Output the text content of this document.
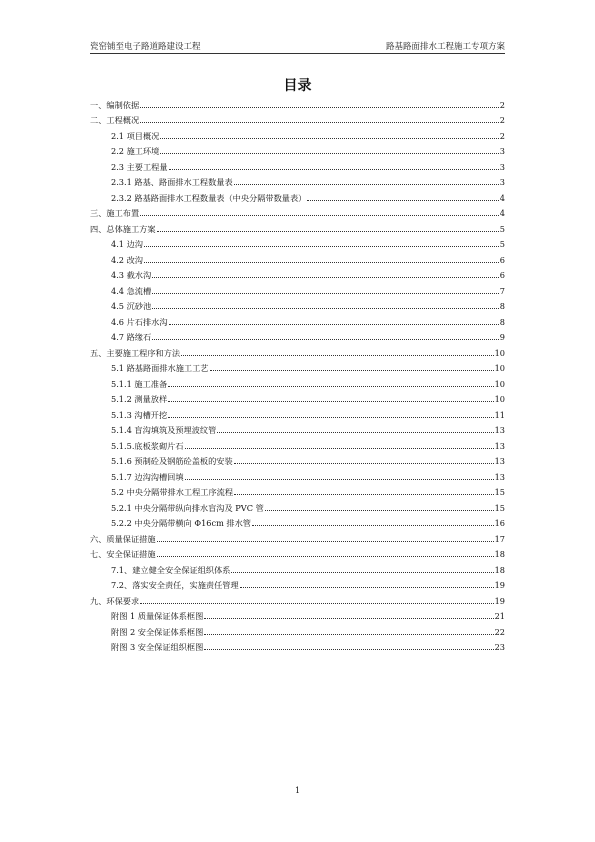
瓷窑铺至电子路道路建设工程	路基路面排水工程施工专项方案
目录
一、编制依据	2
二、工程概况	2
2.1 项目概况	2
2.2 施工环境	3
2.3 主要工程量	3
2.3.1 路基、路面排水工程数量表	3
2.3.2 路基路面排水工程数量表（中央分隔带数量表）	4
三、施工布置	4
四、总体施工方案	5
4.1 边沟	5
4.2 改沟	6
4.3 截水沟	6
4.4 急流槽	7
4.5 沉砂池	8
4.6 片石排水沟	8
4.7 路缘石	9
五、主要施工程序和方法	10
5.1 路基路面排水施工工艺	10
5.1.1 施工准备	10
5.1.2 测量放样	10
5.1.3 沟槽开挖	11
5.1.4 盲沟填筑及预埋波纹管	13
5.1.5.底板浆砌片石	13
5.1.6 预制砼及钢筋砼盖板的安装	13
5.1.7 边沟沟槽回填	13
5.2 中央分隔带排水工程工序流程	15
5.2.1 中央分隔带纵向排水盲沟及 PVC 管	15
5.2.2 中央分隔带横向 Φ16cm 排水管	16
六、质量保证措施	17
七、安全保证措施	18
7.1、建立健全安全保证组织体系	18
7.2、落实安全责任，实施责任管理	19
九、环保要求	19
附图 1 质量保证体系框图	21
附图 2 安全保证体系框图	22
附图 3 安全保证组织框图	23
1
